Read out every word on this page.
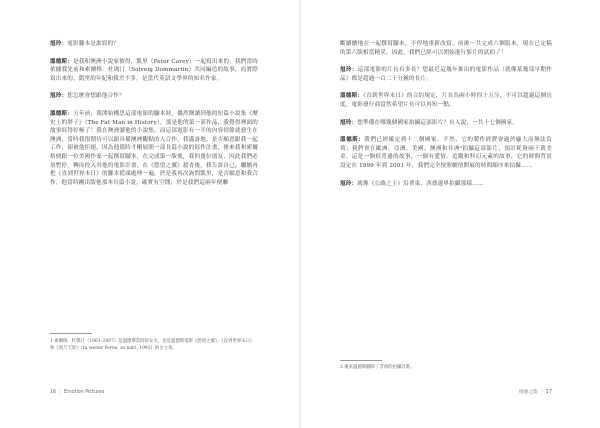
旭玲：電影腳本是誰寫的？

溫德斯：是我和澳洲小說家彼得，凱里（Peter Carey）一起寫出來的，我們當時依據我先前和索爾格．杜瑪汀（Solveig Dommartin）共同編造的故事，而實際寫出來的，凱里的年紀和我差不多，是當代英語文學界的知名作家。

旭玲：您怎麼會想跟他合作？

溫德斯：五年前，我開始構思這部電影的腳本時，偶然閱讀到他的短篇小說集《歷史上的胖子》（The Fat Man in History），那是他的第一部作品，我覺得裡面的故事寫得好極了！我在澳洲讀他的小說集，而這部電影有一半的內容情節就發生在澳洲，當時我很期待可以跟具備澳洲觀點的人合作，我滿訝地，是否願意跟我一起工作，卻被他拒絕，因為他那時才剛展開一部長篇小說的寫作計畫，後來我和索爾格便跟一位美國作家一起撰寫腳本，在完成第一版後，我的幾位朋友，因此我們必須暫停，轉而投入其他的電影計畫，在《慾望之翼》殺青後，我告訴自己，繼續再把《直到世界末日》的腳本從頭處理一遍，於是我再次詢問凱里，是否願意和我合作，他當時剛出版他那本長篇小說，確實有空閒，於是我們這兩年便聯

1 索爾格．杜瑪汀（1961–2007）是溫德斯當時的女友，也是溫德斯電影《慾望之翼》、《直到世界末日》和《咫尺天涯》（In weiter Ferne, so nah!, 1993）的女主角。
16 ｜ Emotion Pictures

斷續續地在一起撰寫腳本，不停地重新改寫，前後一共完成六個版本，現在已定稿的第六版相當精采，因此，我們已經可以開始進行影片的試拍了！

旭玲：這部電影的片長有多長？您最近這幾年推出的電影作品（就像某幾部早期作品）都是超過一百二十分鐘的長片。

溫德斯：《直到世界末日》的合約規定，片長為兩小時四十五分，不可以超過這個長度，電影發行商當然希望片長可以再短一點。

旭玲：您準備在哪幾個國家拍攝這部影片？有人說，一共十七個國家。

溫德斯：我們已經確定到十二個國家，不然，它的製作經費會過於龐大而無法負荷；我們會在歐洲、亞洲、美國、澳洲和非洲²拍攝這部影片，預計耗資兩千萬美金。這是一個很普通的故事，一個有愛情、追蹤和科幻元素的故事，它的時間背景設定在 1999 年到 2001 年，我們完全按照劇情開展的時間順序來拍攝……

旭玲：就像《公路之王》沿著東、西德邊界拍攝那樣……

2 後來溫德斯刪除了非洲的拍攝計畫。
情感之影 ｜ 17
